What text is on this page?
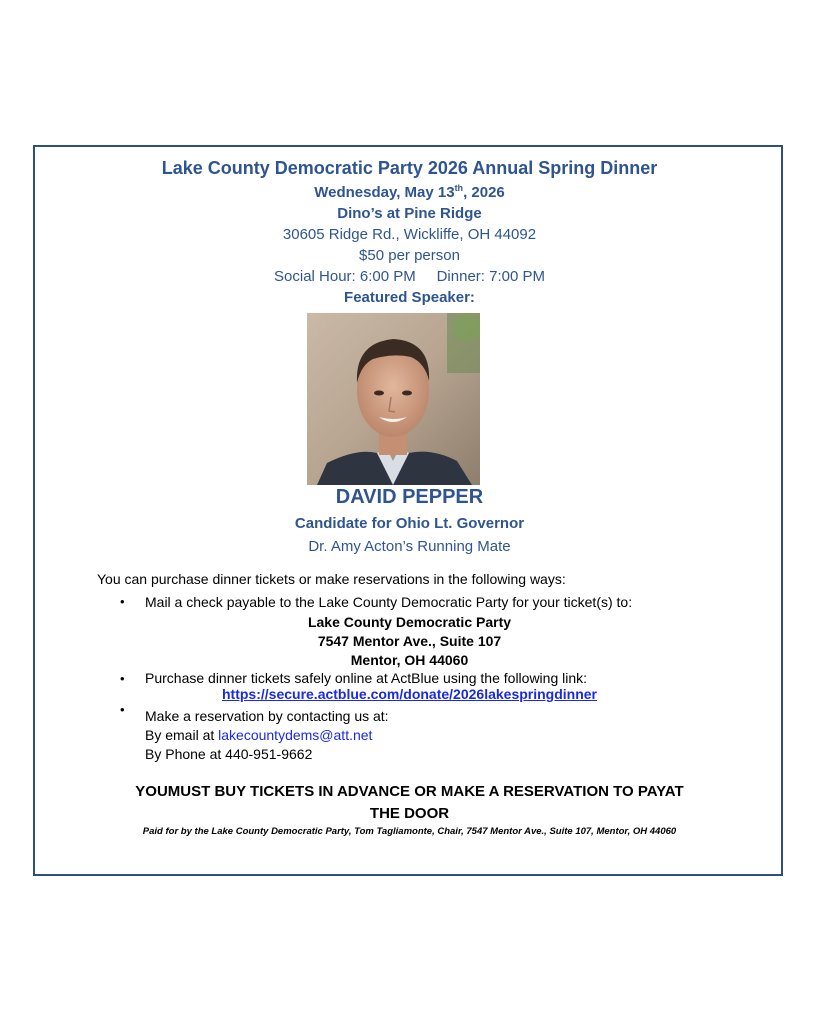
Lake County Democratic Party 2026 Annual Spring Dinner
Wednesday, May 13th, 2026
Dino’s at Pine Ridge
30605 Ridge Rd., Wickliffe, OH 44092
$50 per person
Social Hour: 6:00 PM Dinner: 7:00 PM
Featured Speaker:
DAVID PEPPER
Candidate for Ohio Lt. Governor
Dr. Amy Acton’s Running Mate
You can purchase dinner tickets or make reservations in the following ways:
• Mail a check payable to the Lake County Democratic Party for your ticket(s) to:
Lake County Democratic Party
7547 Mentor Ave., Suite 107
Mentor, OH 44060
• Purchase dinner tickets safely online at ActBlue using the following link:
https://secure.actblue.com/donate/2026lakespringdinner
• Make a reservation by contacting us at:
By email at lakecountydems@att.net
By Phone at 440-951-9662
YOUMUST BUY TICKETS IN ADVANCE OR MAKE A RESERVATION TO PAYAT
THE DOOR
Paid for by the Lake County Democratic Party, Tom Tagliamonte, Chair, 7547 Mentor Ave., Suite 107, Mentor, OH 44060
